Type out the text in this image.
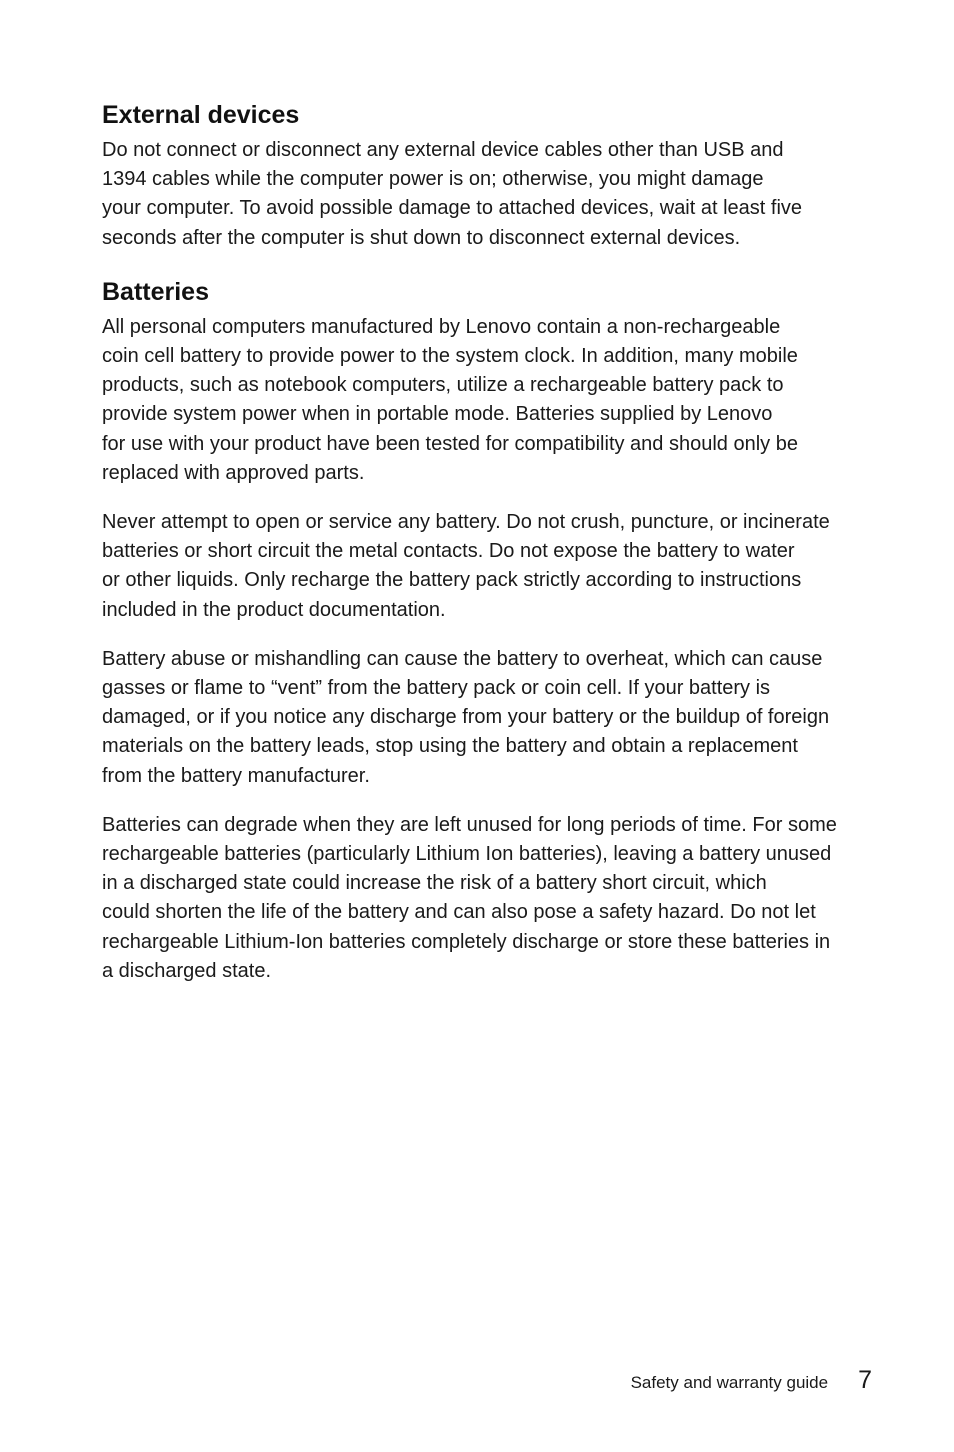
External devices

Do not connect or disconnect any external device cables other than USB and
1394 cables while the computer power is on; otherwise, you might damage
your computer. To avoid possible damage to attached devices, wait at least five
seconds after the computer is shut down to disconnect external devices.

Batteries

All personal computers manufactured by Lenovo contain a non-rechargeable
coin cell battery to provide power to the system clock. In addition, many mobile
products, such as notebook computers, utilize a rechargeable battery pack to
provide system power when in portable mode. Batteries supplied by Lenovo
for use with your product have been tested for compatibility and should only be
replaced with approved parts.

Never attempt to open or service any battery. Do not crush, puncture, or incinerate
batteries or short circuit the metal contacts. Do not expose the battery to water
or other liquids. Only recharge the battery pack strictly according to instructions
included in the product documentation.

Battery abuse or mishandling can cause the battery to overheat, which can cause
gasses or flame to “vent” from the battery pack or coin cell. If your battery is
damaged, or if you notice any discharge from your battery or the buildup of foreign
materials on the battery leads, stop using the battery and obtain a replacement
from the battery manufacturer.

Batteries can degrade when they are left unused for long periods of time. For some
rechargeable batteries (particularly Lithium Ion batteries), leaving a battery unused
in a discharged state could increase the risk of a battery short circuit, which
could shorten the life of the battery and can also pose a safety hazard. Do not let
rechargeable Lithium-Ion batteries completely discharge or store these batteries in
a discharged state.

Safety and warranty guide 7
